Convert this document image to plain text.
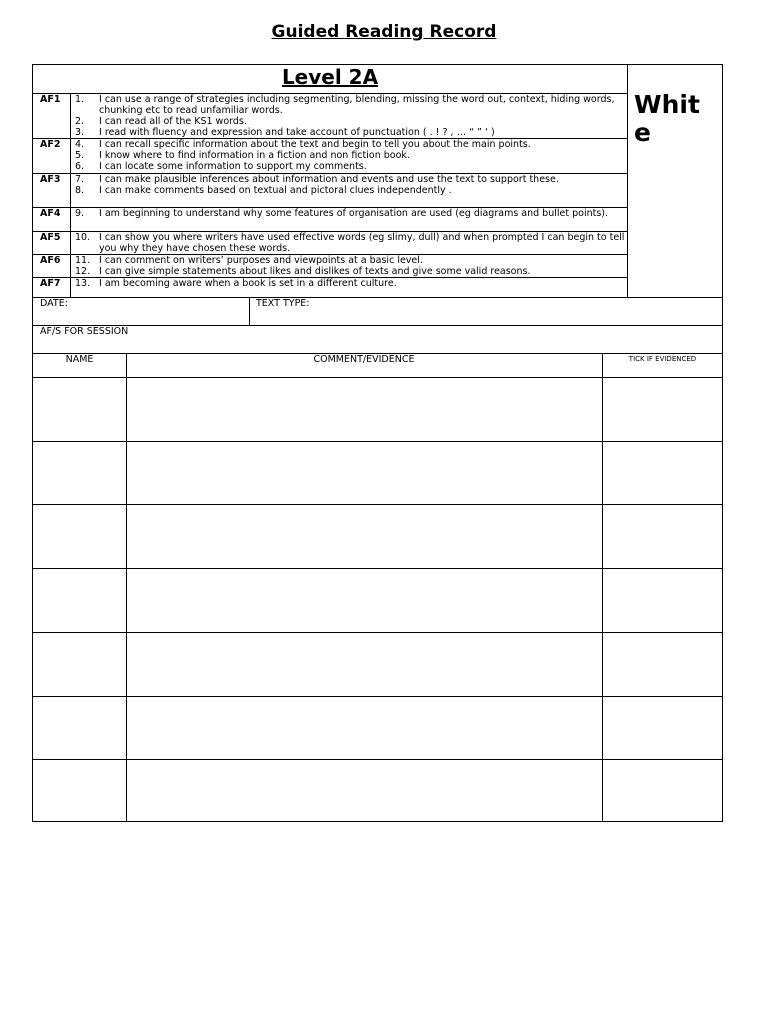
Guided Reading Record
Level 2A
White
AF1 1. I can use a range of strategies including segmenting, blending, missing the word out, context, hiding words, chunking etc to read unfamiliar words.
2. I can read all of the KS1 words.
3. I read with fluency and expression and take account of punctuation ( . ! ? , … “ ” ‘ )
AF2 4. I can recall specific information about the text and begin to tell you about the main points.
5. I know where to find information in a fiction and non fiction book.
6. I can locate some information to support my comments.
AF3 7. I can make plausible inferences about information and events and use the text to support these.
8. I can make comments based on textual and pictoral clues independently .
AF4 9. I am beginning to understand why some features of organisation are used (eg diagrams and bullet points).
AF5 10. I can show you where writers have used effective words (eg slimy, dull) and when prompted I can begin to tell you why they have chosen these words.
AF6 11. I can comment on writers’ purposes and viewpoints at a basic level.
12. I can give simple statements about likes and dislikes of texts and give some valid reasons.
AF7 13. I am becoming aware when a book is set in a different culture.
DATE:	TEXT TYPE:
AF/S FOR SESSION
NAME	COMMENT/EVIDENCE	TICK IF EVIDENCED
